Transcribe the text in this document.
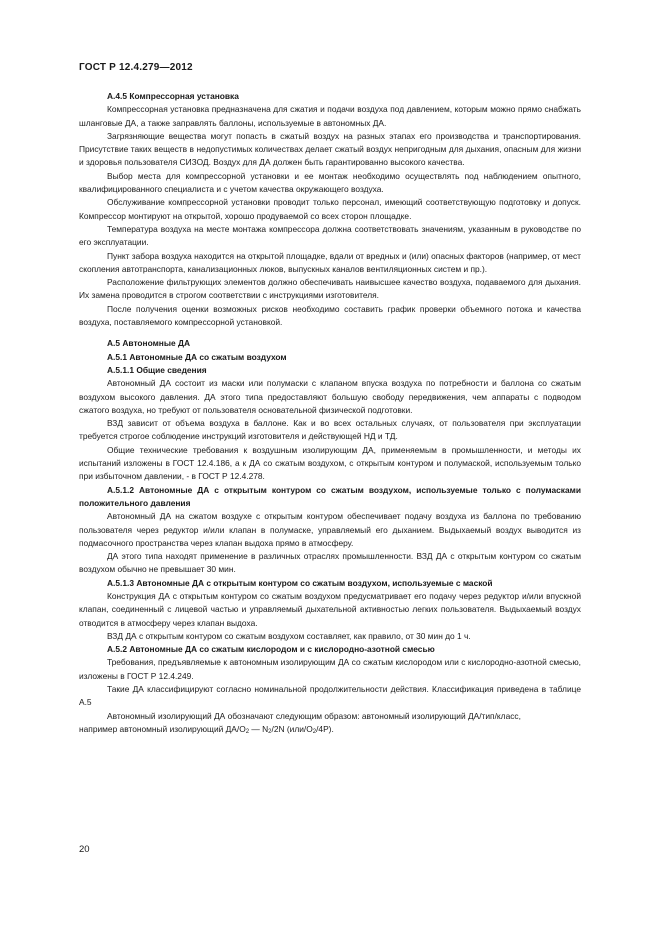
ГОСТ Р 12.4.279—2012

А.4.5 Компрессорная установка

Компрессорная установка предназначена для сжатия и подачи воздуха под давлением, которым можно прямо снабжать шланговые ДА, а также заправлять баллоны, используемые в автономных ДА.

Загрязняющие вещества могут попасть в сжатый воздух на разных этапах его производства и транспортирования. Присутствие таких веществ в недопустимых количествах делает сжатый воздух непригодным для дыхания, опасным для жизни и здоровья пользователя СИЗОД. Воздух для ДА должен быть гарантированно высокого качества.

Выбор места для компрессорной установки и ее монтаж необходимо осуществлять под наблюдением опытного, квалифицированного специалиста и с учетом качества окружающего воздуха.

Обслуживание компрессорной установки проводит только персонал, имеющий соответствующую подготовку и допуск. Компрессор монтируют на открытой, хорошо продуваемой со всех сторон площадке.

Температура воздуха на месте монтажа компрессора должна соответствовать значениям, указанным в руководстве по его эксплуатации.

Пункт забора воздуха находится на открытой площадке, вдали от вредных и (или) опасных факторов (например, от мест скопления автотранспорта, канализационных люков, выпускных каналов вентиляционных систем и пр.).

Расположение фильтрующих элементов должно обеспечивать наивысшее качество воздуха, подаваемого для дыхания. Их замена проводится в строгом соответствии с инструкциями изготовителя.

После получения оценки возможных рисков необходимо составить график проверки объемного потока и качества воздуха, поставляемого компрессорной установкой.

А.5 Автономные ДА

А.5.1 Автономные ДА со сжатым воздухом

А.5.1.1 Общие сведения

Автономный ДА состоит из маски или полумаски с клапаном впуска воздуха по потребности и баллона со сжатым воздухом высокого давления. ДА этого типа предоставляют большую свободу передвижения, чем аппараты с подводом сжатого воздуха, но требуют от пользователя основательной физической подготовки.

ВЗД зависит от объема воздуха в баллоне. Как и во всех остальных случаях, от пользователя при эксплуатации требуется строгое соблюдение инструкций изготовителя и действующей НД и ТД.

Общие технические требования к воздушным изолирующим ДА, применяемым в промышленности, и методы их испытаний изложены в ГОСТ 12.4.186, а к ДА со сжатым воздухом, с открытым контуром и полумаской, используемым только при избыточном давлении, - в ГОСТ Р 12.4.278.

А.5.1.2 Автономные ДА с открытым контуром со сжатым воздухом, используемые только с полумасками положительного давления

Автономный ДА на сжатом воздухе с открытым контуром обеспечивает подачу воздуха из баллона по требованию пользователя через редуктор и/или клапан в полумаске, управляемый его дыханием. Выдыхаемый воздух выводится из подмасочного пространства через клапан выдоха прямо в атмосферу.

ДА этого типа находят применение в различных отраслях промышленности. ВЗД ДА с открытым контуром со сжатым воздухом обычно не превышает 30 мин.

А.5.1.3 Автономные ДА с открытым контуром со сжатым воздухом, используемые с маской

Конструкция ДА с открытым контуром со сжатым воздухом предусматривает его подачу через редуктор и/или впускной клапан, соединенный с лицевой частью и управляемый дыхательной активностью легких пользователя. Выдыхаемый воздух отводится в атмосферу через клапан выдоха.

ВЗД ДА с открытым контуром со сжатым воздухом составляет, как правило, от 30 мин до 1 ч.

А.5.2 Автономные ДА со сжатым кислородом и с кислородно-азотной смесью

Требования, предъявляемые к автономным изолирующим ДА со сжатым кислородом или с кислородно-азотной смесью, изложены в ГОСТ Р 12.4.249.

Такие ДА классифицируют согласно номинальной продолжительности действия. Классификация приведена в таблице А.5

Автономный изолирующий ДА обозначают следующим образом: автономный изолирующий ДА/тип/класс,

например автономный изолирующий $ДА/О_2$ — $N_2/2N$ $(или/О_2/4P)$.

20
